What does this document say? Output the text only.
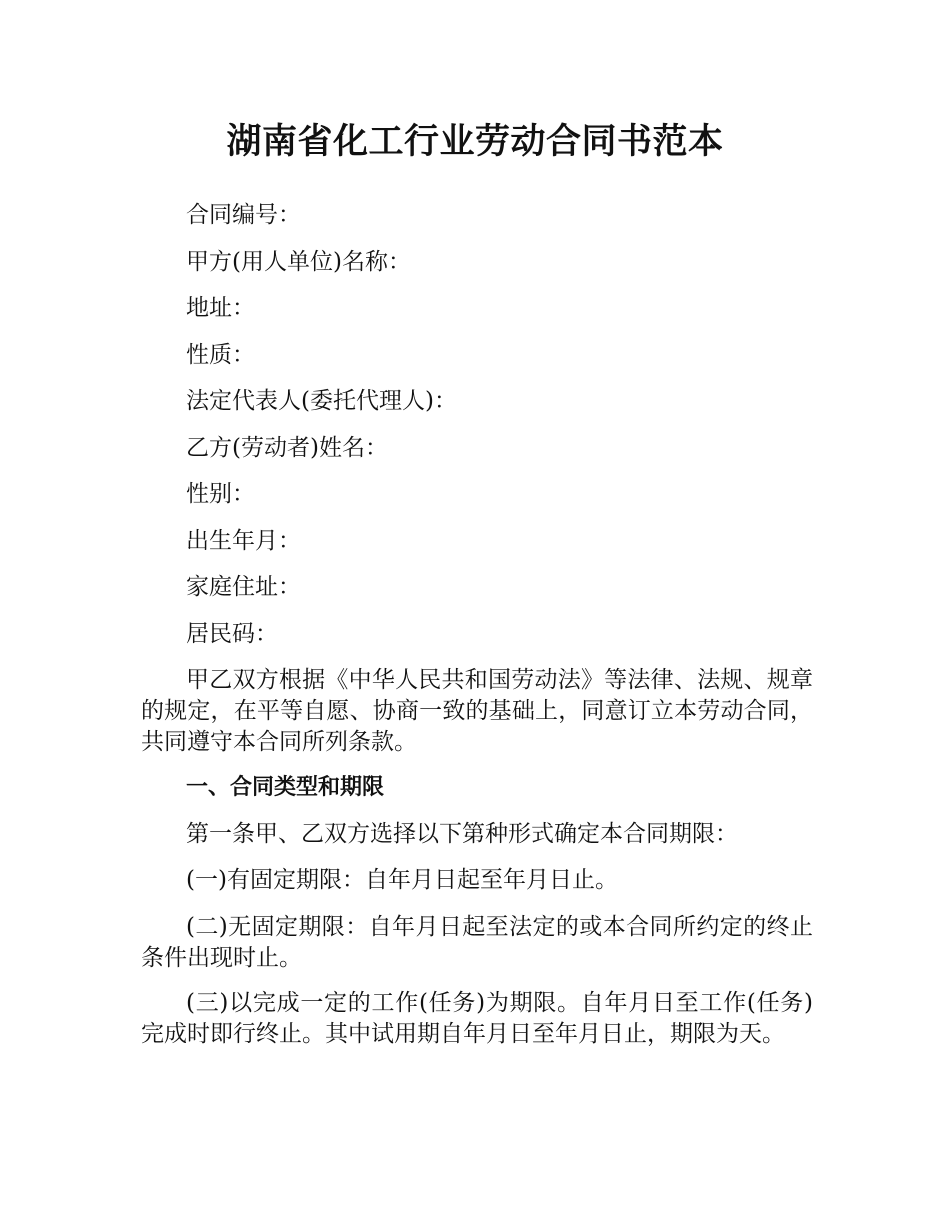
湖南省化工行业劳动合同书范本

合同编号：

甲方(用人单位)名称：

地址：

性质：

法定代表人(委托代理人)：

乙方(劳动者)姓名：

性别：

出生年月：

家庭住址：

居民码：

甲乙双方根据《中华人民共和国劳动法》等法律、法规、规章的规定，在平等自愿、协商一致的基础上，同意订立本劳动合同，共同遵守本合同所列条款。

一、合同类型和期限

第一条甲、乙双方选择以下第种形式确定本合同期限：

(一)有固定期限：自年月日起至年月日止。

(二)无固定期限：自年月日起至法定的或本合同所约定的终止条件出现时止。

(三)以完成一定的工作(任务)为期限。自年月日至工作(任务)完成时即行终止。其中试用期自年月日至年月日止，期限为天。
